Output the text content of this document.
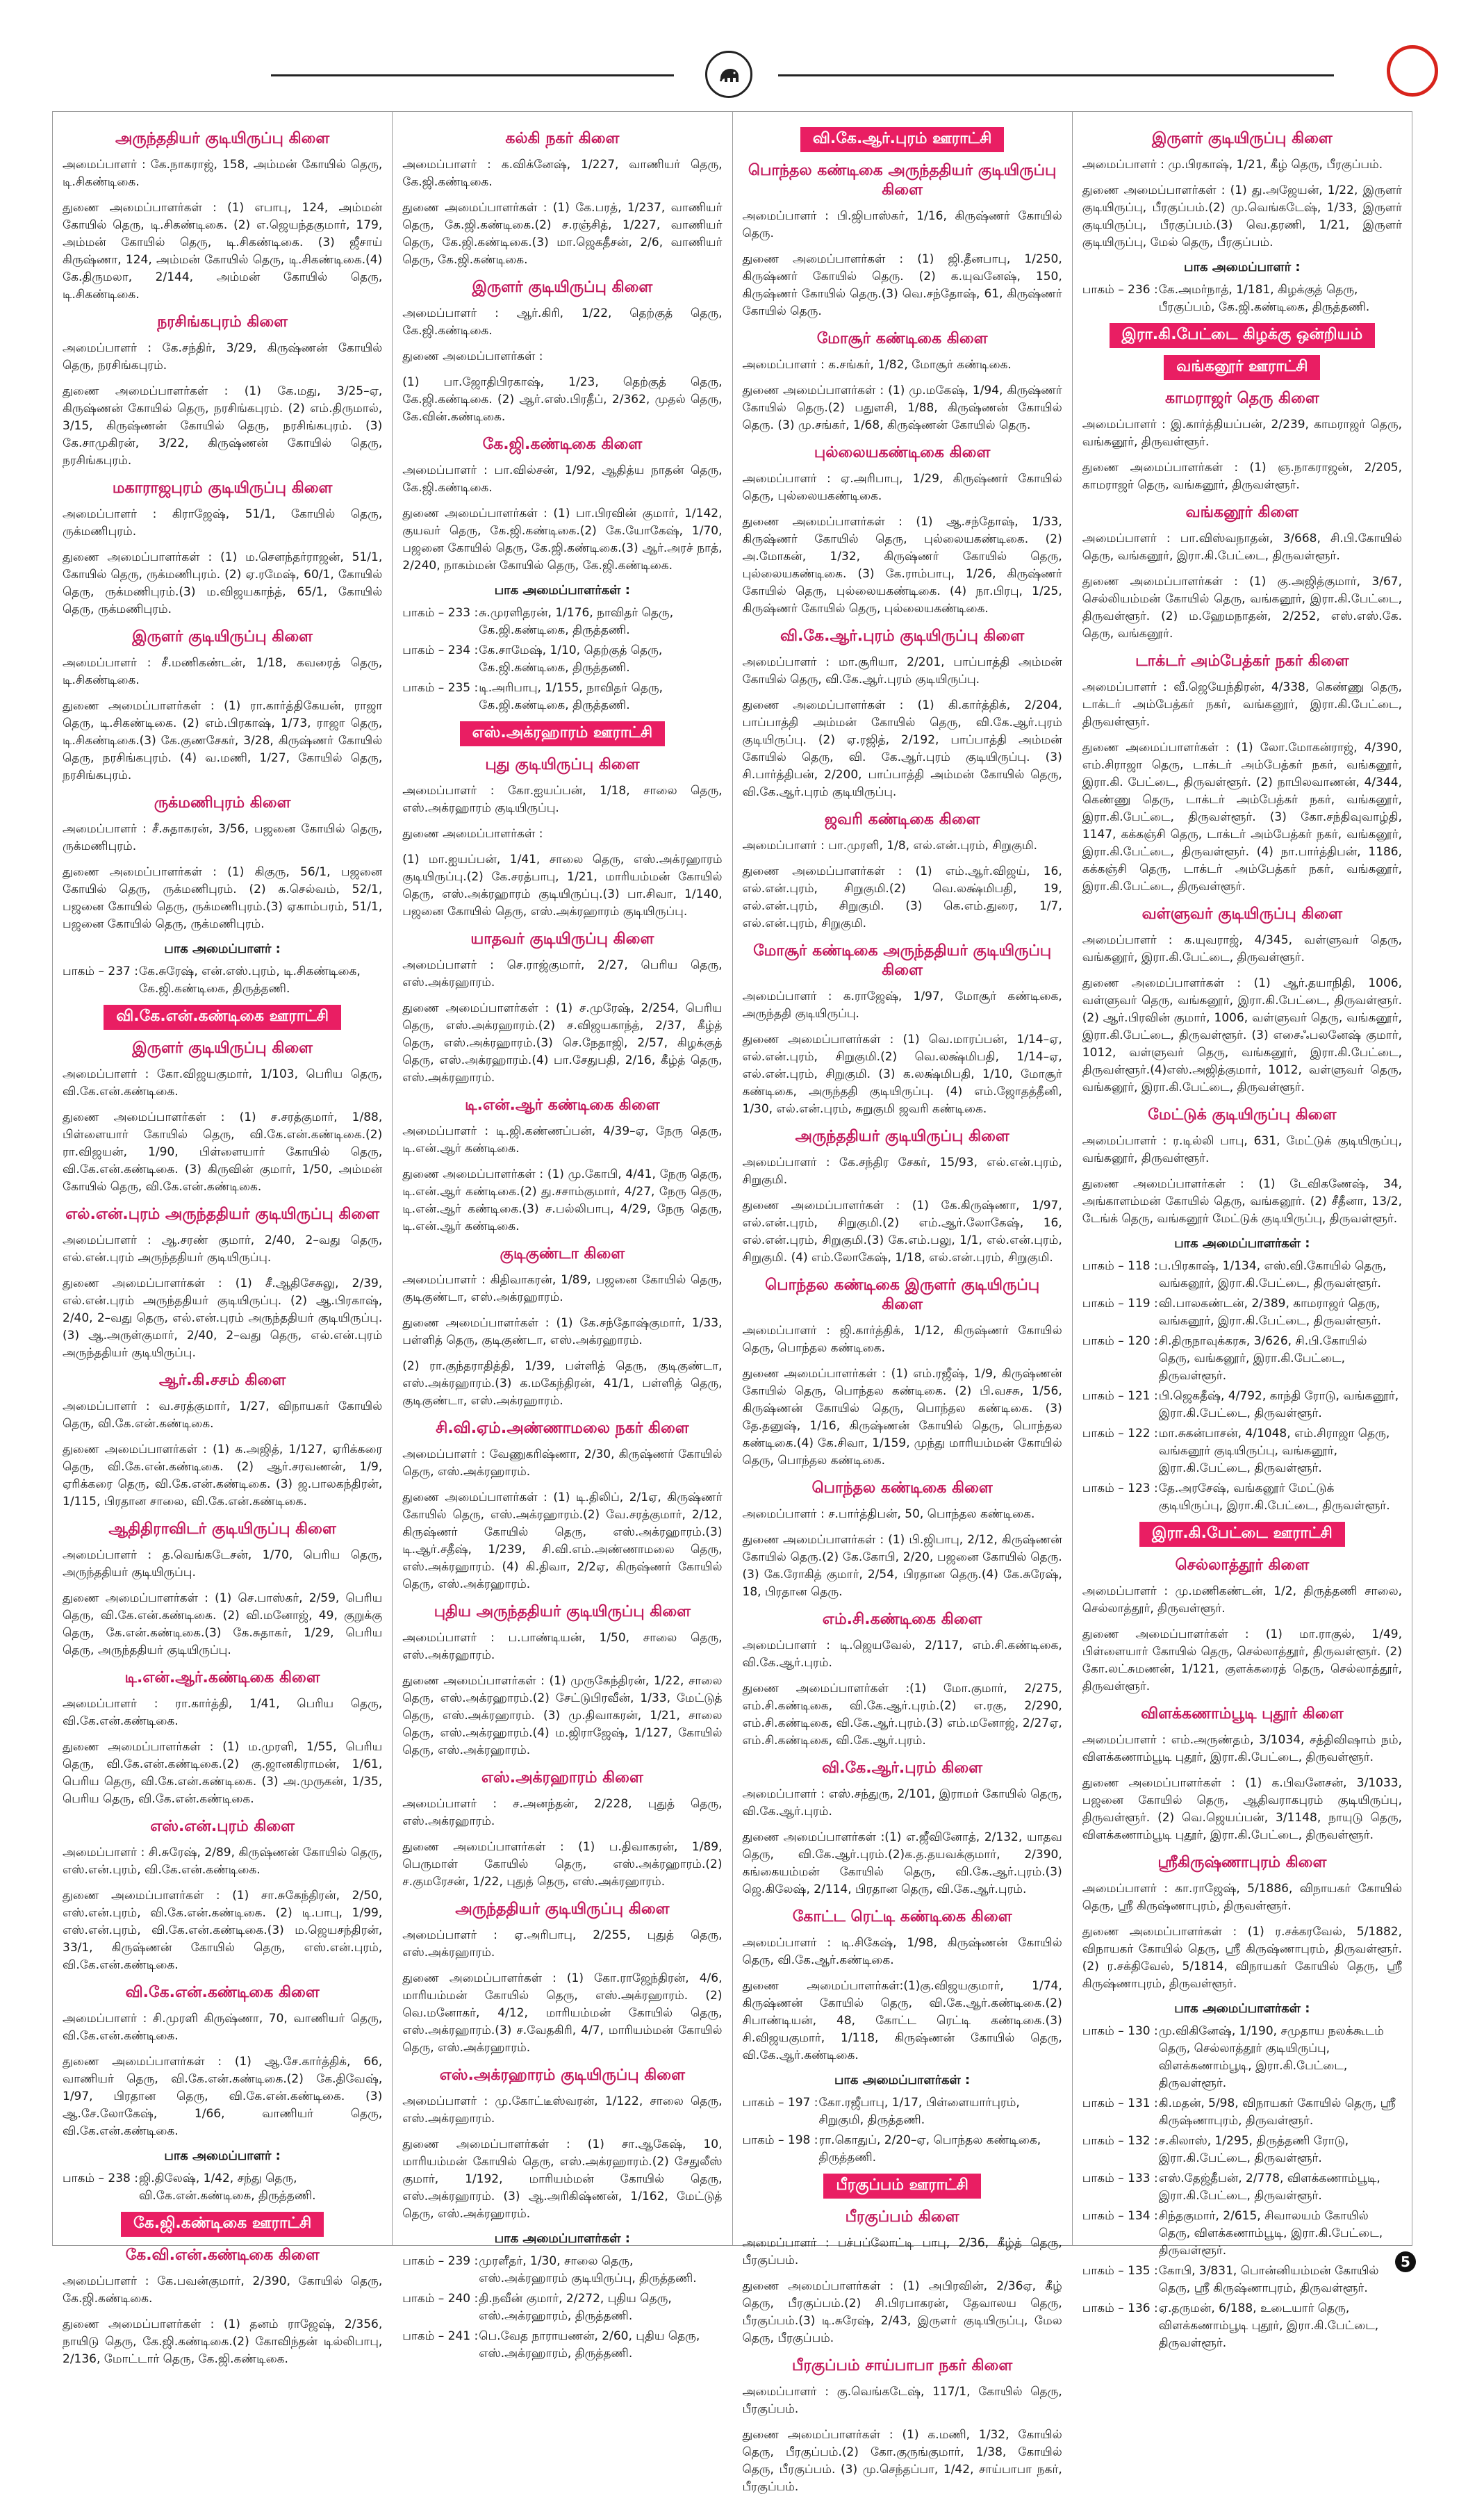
அருந்ததியர் குடியிருப்பு கிளை

அமைப்பாளர் : கே.நாகராஜ், 158, அம்மன் கோயில் தெரு, டி.சிகண்டிகை.

துணை அமைப்பாளர்கள் : (1) எபாபு, 124, அம்மன் கோயில் தெரு, டி.சிகண்டிகை. (2) எ.ஜெயந்தகுமார், 179, அம்மன் கோயில் தெரு, டி.சிகண்டிகை. (3) ஜீசாய் கிருஷ்ணா, 124, அம்மன் கோயில் தெரு, டி.சிகண்டிகை.(4) கே.திருமலா, 2/144, அம்மன் கோயில் தெரு, டி.சிகண்டிகை.

நரசிங்கபுரம் கிளை

அமைப்பாளர் : கே.சந்திர், 3/29, கிருஷ்ணன் கோயில் தெரு, நரசிங்கபுரம்.

துணை அமைப்பாளர்கள் : (1) கே.மது, 3/25–ஏ, கிருஷ்ணன் கோயில் தெரு, நரசிங்கபுரம். (2) எம்.திருமால், 3/15, கிருஷ்ணன் கோயில் தெரு, நரசிங்கபுரம். (3) கே.சாமுகிரன், 3/22, கிருஷ்ணன் கோயில் தெரு, நரசிங்கபுரம்.

மகாராஜபுரம் குடியிருப்பு கிளை

அமைப்பாளர் : கிராஜேஷ், 51/1, கோயில் தெரு, ருக்மணிபுரம்.

துணை அமைப்பாளர்கள் : (1) ம.செளந்தர்ராஜன், 51/1, கோயில் தெரு, ருக்மணிபுரம். (2) ஏ.ரமேஷ், 60/1, கோயில் தெரு, ருக்மணிபுரம்.(3) ம.விஜயகாந்த், 65/1, கோயில் தெரு, ருக்மணிபுரம்.

இருளர் குடியிருப்பு கிளை

அமைப்பாளர் : சீ.மணிகண்டன், 1/18, கவரைத் தெரு, டி.சிகண்டிகை.

துணை அமைப்பாளர்கள் : (1) ரா.கார்த்திகேயன், ராஜா தெரு, டி.சிகண்டிகை. (2) எம்.பிரகாஷ், 1/73, ராஜா தெரு, டி.சிகண்டிகை.(3) கே.குணசேகர், 3/28, கிருஷ்ணர் கோயில் தெரு, நரசிங்கபுரம். (4) வ.மணி, 1/27, கோயில் தெரு, நரசிங்கபுரம்.

ருக்மணிபுரம் கிளை

அமைப்பாளர் : சீ.சுதாகரன், 3/56, பஜனை கோயில் தெரு, ருக்மணிபுரம்.

துணை அமைப்பாளர்கள் : (1) கிகுரு, 56/1, பஜனை கோயில் தெரு, ருக்மணிபுரம். (2) க.செல்வம், 52/1, பஜனை கோயில் தெரு, ருக்மணிபுரம்.(3) ஏகாம்பரம், 51/1, பஜனை கோயில் தெரு, ருக்மணிபுரம்.

பாக அமைப்பாளர் :
பாகம் – 237 : கே.சுரேஷ், என்.எஸ்.புரம், டி.சிகண்டிகை, கே.ஜி.கண்டிகை, திருத்தணி.
வி.கே.என்.கண்டிகை ஊராட்சி
இருளர் குடியிருப்பு கிளை

அமைப்பாளர் : கோ.விஜயகுமார், 1/103, பெரிய தெரு, வி.கே.என்.கண்டிகை.

துணை அமைப்பாளர்கள் : (1) ச.சரத்குமார், 1/88, பிள்ளையார் கோயில் தெரு, வி.கே.என்.கண்டிகை.(2) ரா.விஜயன், 1/90, பிள்ளையார் கோயில் தெரு, வி.கே.என்.கண்டிகை. (3) கிருவின் குமார், 1/50, அம்மன் கோயில் தெரு, வி.கே.என்.கண்டிகை.

எல்.என்.புரம் அருந்ததியர் குடியிருப்பு கிளை

அமைப்பாளர் : ஆ.சரண் குமார், 2/40, 2–வது தெரு, எல்.என்.புரம் அருந்ததியர் குடியிருப்பு.

துணை அமைப்பாளர்கள் : (1) சீ.ஆதிசேசுலு, 2/39, எல்.என்.புரம் அருந்ததியர் குடியிருப்பு. (2) ஆ.பிரகாஷ், 2/40, 2–வது தெரு, எல்.என்.புரம் அருந்ததியர் குடியிருப்பு. (3) ஆ.அருள்குமார், 2/40, 2–வது தெரு, எல்.என்.புரம் அருந்ததியர் குடியிருப்பு.

ஆர்.கி.சசம் கிளை

அமைப்பாளர் : வ.சரத்குமார், 1/27, விநாயகர் கோயில் தெரு, வி.கே.என்.கண்டிகை.

துணை அமைப்பாளர்கள் : (1) க.அஜித், 1/127, ஏரிக்கரை தெரு, வி.கே.என்.கண்டிகை. (2) ஆர்.சரவணன், 1/9, ஏரிக்கரை தெரு, வி.கே.என்.கண்டிகை. (3) ஜ.பாலகந்திரன், 1/115, பிரதான சாலை, வி.கே.என்.கண்டிகை.

ஆதிதிராவிடர் குடியிருப்பு கிளை

அமைப்பாளர் : த.வெங்கடேசன், 1/70, பெரிய தெரு, அருந்ததியர் குடியிருப்பு.

துணை அமைப்பாளர்கள் : (1) செ.பாஸ்கர், 2/59, பெரிய தெரு, வி.கே.என்.கண்டிகை. (2) வி.மனோஜ், 49, குறுக்கு தெரு, கே.என்.கண்டிகை.(3) கே.சுதாகர், 1/29, பெரிய தெரு, அருந்ததியர் குடியிருப்பு.

டி.என்.ஆர்.கண்டிகை கிளை

அமைப்பாளர் : ரா.கார்த்தி, 1/41, பெரிய தெரு, வி.கே.என்.கண்டிகை.

துணை அமைப்பாளர்கள் : (1) ம.முரளி, 1/55, பெரிய தெரு, வி.கே.என்.கண்டிகை.(2) கு.ஜானகிராமன், 1/61, பெரிய தெரு, வி.கே.என்.கண்டிகை. (3) அ.முருகன், 1/35, பெரிய தெரு, வி.கே.என்.கண்டிகை.

எஸ்.என்.புரம் கிளை

அமைப்பாளர் : சி.சுரேஷ், 2/89, கிருஷ்ணன் கோயில் தெரு, எஸ்.என்.புரம், வி.கே.என்.கண்டிகை.

துணை அமைப்பாளர்கள் : (1) சா.சுகேந்திரன், 2/50, எஸ்.என்.புரம், வி.கே.என்.கண்டிகை. (2) டி.பாபு, 1/99, எஸ்.என்.புரம், வி.கே.என்.கண்டிகை.(3) ம.ஜெயசந்திரன், 33/1, கிருஷ்ணன் கோயில் தெரு, எஸ்.என்.புரம், வி.கே.என்.கண்டிகை.

வி.கே.என்.கண்டிகை கிளை

அமைப்பாளர் : சி.முரளி கிருஷ்ணா, 70, வாணியர் தெரு, வி.கே.என்.கண்டிகை.

துணை அமைப்பாளர்கள் : (1) ஆ.சே.கார்த்திக், 66, வாணியர் தெரு, வி.கே.என்.கண்டிகை.(2) கே.திவேஷ், 1/97, பிரதான தெரு, வி.கே.என்.கண்டிகை. (3) ஆ.சே.லோகேஷ், 1/66, வாணியர் தெரு, வி.கே.என்.கண்டிகை.

பாக அமைப்பாளர் :
பாகம் – 238 : ஜி.திலேஷ், 1/42, சந்து தெரு, வி.கே.என்.கண்டிகை, திருத்தணி.
கே.ஜி.கண்டிகை ஊராட்சி
கே.வி.என்.கண்டிகை கிளை

அமைப்பாளர் : கே.பவன்குமார், 2/390, கோயில் தெரு, கே.ஜி.கண்டிகை.

துணை அமைப்பாளர்கள் : (1) தனம் ராஜேஷ், 2/356, நாயிடு தெரு, கே.ஜி.கண்டிகை.(2) கோவிந்தன் டில்லிபாபு, 2/136, மோட்டார் தெரு, கே.ஜி.கண்டிகை.

கல்கி நகர் கிளை

அமைப்பாளர் : க.விக்னேஷ், 1/227, வாணியர் தெரு, கே.ஜி.கண்டிகை.

துணை அமைப்பாளர்கள் : (1) கே.பரத், 1/237, வாணியர் தெரு, கே.ஜி.கண்டிகை.(2) ச.ரஞ்சித், 1/227, வாணியர் தெரு, கே.ஜி.கண்டிகை.(3) மா.ஜெகதீசன், 2/6, வாணியர் தெரு, கே.ஜி.கண்டிகை.

இருளர் குடியிருப்பு கிளை

அமைப்பாளர் : ஆர்.கிரி, 1/22, தெற்குத் தெரு, கே.ஜி.கண்டிகை.

துணை அமைப்பாளர்கள் :

(1) பா.ஜோதிபிரகாஷ், 1/23, தெற்குத் தெரு, கே.ஜி.கண்டிகை. (2) ஆர்.எஸ்.பிரதீப், 2/362, முதல் தெரு, கே.வின்.கண்டிகை.

கே.ஜி.கண்டிகை கிளை

அமைப்பாளர் : பா.வில்சன், 1/92, ஆதித்ய நாதன் தெரு, கே.ஜி.கண்டிகை.

துணை அமைப்பாளர்கள் : (1) பா.பிரவின் குமார், 1/142, குயவர் தெரு, கே.ஜி.கண்டிகை.(2) கே.யோகேஷ், 1/70, பஜனை கோயில் தெரு, கே.ஜி.கண்டிகை.(3) ஆர்.அரச் நாத், 2/240, நாகம்மன் கோயில் தெரு, கே.ஜி.கண்டிகை.

பாக அமைப்பாளர்கள் :
பாகம் – 233 : சு.முரளிதரன், 1/176, நாவிதர் தெரு, கே.ஜி.கண்டிகை, திருத்தணி.
பாகம் – 234 : கே.சாமேஷ், 1/10, தெற்குத் தெரு, கே.ஜி.கண்டிகை, திருத்தணி.
பாகம் – 235 : டி.அரிபாபு, 1/155, நாவிதர் தெரு, கே.ஜி.கண்டிகை, திருத்தணி.
எஸ்.அக்ரஹாரம் ஊராட்சி
புது குடியிருப்பு கிளை

அமைப்பாளர் : கோ.ஐயப்பன், 1/18, சாலை தெரு, எஸ்.அக்ரஹாரம் குடியிருப்பு.

துணை அமைப்பாளர்கள் :

(1) மா.ஐயப்பன், 1/41, சாலை தெரு, எஸ்.அக்ரஹாரம் குடியிருப்பு.(2) கே.சரத்பாபு, 1/21, மாரியம்மன் கோயில் தெரு, எஸ்.அக்ரஹாரம் குடியிருப்பு.(3) பா.சிவா, 1/140, பஜனை கோயில் தெரு, எஸ்.அக்ரஹாரம் குடியிருப்பு.

யாதவர் குடியிருப்பு கிளை

அமைப்பாளர் : செ.ராஜ்குமார், 2/27, பெரிய தெரு, எஸ்.அக்ரஹாரம்.

துணை அமைப்பாளர்கள் : (1) ச.முரேஷ், 2/254, பெரிய தெரு, எஸ்.அக்ரஹாரம்.(2) ச.விஜயகாந்த், 2/37, கீழ்த் தெரு, எஸ்.அக்ரஹாரம்.(3) செ.நேதாஜி, 2/57, கிழக்குத் தெரு, எஸ்.அக்ரஹாரம்.(4) பா.சேதுபதி, 2/16, கீழ்த் தெரு, எஸ்.அக்ரஹாரம்.

டி.என்.ஆர் கண்டிகை கிளை

அமைப்பாளர் : டி.ஜி.கண்ணப்பன், 4/39–ஏ, நேரு தெரு, டி.என்.ஆர் கண்டிகை.

துணை அமைப்பாளர்கள் : (1) மு.கோபி, 4/41, நேரு தெரு, டி.என்.ஆர் கண்டிகை.(2) து.சசாம்குமார், 4/27, நேரு தெரு, டி.என்.ஆர் கண்டிகை.(3) ச.பல்லிபாபு, 4/29, நேரு தெரு, டி.என்.ஆர் கண்டிகை.

குடிகுண்டா கிளை

அமைப்பாளர் : கிதிவாகரன், 1/89, பஜனை கோயில் தெரு, குடிகுண்டா, எஸ்.அக்ரஹாரம்.

துணை அமைப்பாளர்கள் : (1) கே.சந்தோஷ்குமார், 1/33, பள்ளித் தெரு, குடிகுண்டா, எஸ்.அக்ரஹாரம்.

(2) ரா.குந்தராதித்தி, 1/39, பள்ளித் தெரு, குடிகுண்டா, எஸ்.அக்ரஹாரம்.(3) க.மகேந்திரன், 41/1, பள்ளித் தெரு, குடிகுண்டா, எஸ்.அக்ரஹாரம்.

சி.வி.ஏம்.அண்ணாமலை நகர் கிளை

அமைப்பாளர் : வேணுகரிஷ்ணா, 2/30, கிருஷ்ணர் கோயில் தெரு, எஸ்.அக்ரஹாரம்.

துணை அமைப்பாளர்கள் : (1) டி.திலிப், 2/1ஏ, கிருஷ்ணர் கோயில் தெரு, எஸ்.அக்ரஹாரம்.(2) வே.சரத்குமார், 2/12, கிருஷ்ணர் கோயில் தெரு, எஸ்.அக்ரஹாரம்.(3) டி.ஆர்.சதீஷ், 1/239, சி.வி.எம்.அண்ணாமலை தெரு, எஸ்.அக்ரஹாரம். (4) கி.திவா, 2/2ஏ, கிருஷ்ணர் கோயில் தெரு, எஸ்.அக்ரஹாரம்.

புதிய அருந்ததியர் குடியிருப்பு கிளை

அமைப்பாளர் : ப.பாண்டியன், 1/50, சாலை தெரு, எஸ்.அக்ரஹாரம்.

துணை அமைப்பாளர்கள் : (1) முருகேந்திரன், 1/22, சாலை தெரு, எஸ்.அக்ரஹாரம்.(2) சேட்டுபிரவீன், 1/33, மேட்டுத் தெரு, எஸ்.அக்ரஹாரம். (3) மு.திவாகரன், 1/21, சாலை தெரு, எஸ்.அக்ரஹாரம்.(4) ம.ஜிராஜேஷ், 1/127, கோயில் தெரு, எஸ்.அக்ரஹாரம்.

எஸ்.அக்ரஹாரம் கிளை

அமைப்பாளர் : ச.அனந்தன், 2/228, புதுத் தெரு, எஸ்.அக்ரஹாரம்.

துணை அமைப்பாளர்கள் : (1) ப.திவாகரன், 1/89, பெருமாள் கோயில் தெரு, எஸ்.அக்ரஹாரம்.(2) ச.குமரேசன், 1/22, புதுத் தெரு, எஸ்.அக்ரஹாரம்.

அருந்ததியர் குடியிருப்பு கிளை

அமைப்பாளர் : ஏ.அரிபாபு, 2/255, புதுத் தெரு, எஸ்.அக்ரஹாரம்.

துணை அமைப்பாளர்கள் : (1) கோ.ராஜேந்திரன், 4/6, மாரியம்மன் கோயில் தெரு, எஸ்.அக்ரஹாரம். (2) வெ.மனோகர், 4/12, மாரியம்மன் கோயில் தெரு, எஸ்.அக்ரஹாரம்.(3) ச.வேதகிரி, 4/7, மாரியம்மன் கோயில் தெரு, எஸ்.அக்ரஹாரம்.

எஸ்.அக்ரஹாரம் குடியிருப்பு கிளை

அமைப்பாளர் : மு.கோட்டீஸ்வரன், 1/122, சாலை தெரு, எஸ்.அக்ரஹாரம்.

துணை அமைப்பாளர்கள் : (1) சா.ஆகேஷ், 10, மாரியம்மன் கோயில் தெரு, எஸ்.அக்ரஹாரம்.(2) சேதுலீஸ் குமார், 1/192, மாரியம்மன் கோயில் தெரு, எஸ்.அக்ரஹாரம். (3) ஆ.அரிகிஷ்ணன், 1/162, மேட்டுத் தெரு, எஸ்.அக்ரஹாரம்.

பாக அமைப்பாளர்கள் :
பாகம் – 239 : முரளீதர், 1/30, சாலை தெரு, எஸ்.அக்ரஹாரம் குடியிருப்பு, திருத்தணி.
பாகம் – 240 : தி.நவீன் குமார், 2/272, புதிய தெரு, எஸ்.அக்ரஹாரம், திருத்தணி.
பாகம் – 241 : பெ.வேத நாராயணன், 2/60, புதிய தெரு, எஸ்.அக்ரஹாரம், திருத்தணி.
வி.கே.ஆர்.புரம் ஊராட்சி
பொந்தல கண்டிகை அருந்ததியர் குடியிருப்பு கிளை

அமைப்பாளர் : பி.ஜிபாஸ்கர், 1/16, கிருஷ்ணர் கோயில் தெரு.

துணை அமைப்பாளர்கள் : (1) ஜி.தீனபாபு, 1/250, கிருஷ்ணர் கோயில் தெரு. (2) க.யுவனேஷ், 150, கிருஷ்ணர் கோயில் தெரு.(3) வெ.சந்தோஷ், 61, கிருஷ்ணர் கோயில் தெரு.

மோசூர் கண்டிகை கிளை

அமைப்பாளர் : க.சங்கர், 1/82, மோசூர் கண்டிகை.

துணை அமைப்பாளர்கள் : (1) மு.மகேஷ், 1/94, கிருஷ்ணர் கோயில் தெரு.(2) பதுளசி, 1/88, கிருஷ்ணன் கோயில் தெரு. (3) மு.சங்கர், 1/68, கிருஷ்ணன் கோயில் தெரு.

புல்லையகண்டிகை கிளை

அமைப்பாளர் : ஏ.அரிபாபு, 1/29, கிருஷ்ணர் கோயில் தெரு, புல்லையகண்டிகை.

துணை அமைப்பாளர்கள் : (1) ஆ.சந்தோஷ், 1/33, கிருஷ்ணர் கோயில் தெரு, புல்லையகண்டிகை. (2) அ.மோகன், 1/32, கிருஷ்ணர் கோயில் தெரு, புல்லையகண்டிகை. (3) கே.ராம்பாபு, 1/26, கிருஷ்ணர் கோயில் தெரு, புல்லையகண்டிகை. (4) நா.பிரபு, 1/25, கிருஷ்ணர் கோயில் தெரு, புல்லையகண்டிகை.

வி.கே.ஆர்.புரம் குடியிருப்பு கிளை

அமைப்பாளர் : மா.சூரியா, 2/201, பாப்பாத்தி அம்மன் கோயில் தெரு, வி.கே.ஆர்.புரம் குடியிருப்பு.

துணை அமைப்பாளர்கள் : (1) கி.கார்த்திக், 2/204, பாப்பாத்தி அம்மன் கோயில் தெரு, வி.கே.ஆர்.புரம் குடியிருப்பு. (2) ஏ.ரஜித், 2/192, பாப்பாத்தி அம்மன் கோயில் தெரு, வி. கே.ஆர்.புரம் குடியிருப்பு. (3) சி.பார்த்திபன், 2/200, பாப்பாத்தி அம்மன் கோயில் தெரு, வி.கே.ஆர்.புரம் குடியிருப்பு.

ஜவரி கண்டிகை கிளை

அமைப்பாளர் : பா.முரளி, 1/8, எல்.என்.புரம், சிறுகுமி.

துணை அமைப்பாளர்கள் : (1) எம்.ஆர்.விஜய், 16, எல்.என்.புரம், சிறுகுமி.(2) வெ.லக்ஷ்மிபதி, 19, எல்.என்.புரம், சிறுகுமி. (3) கெ.எம்.துரை, 1/7, எல்.என்.புரம், சிறுகுமி.

மோசூர் கண்டிகை அருந்ததியர் குடியிருப்பு கிளை

அமைப்பாளர் : க.ராஜேஷ், 1/97, மோசூர் கண்டிகை, அருந்ததி குடியிருப்பு.

துணை அமைப்பாளர்கள் : (1) வெ.மாரப்பன், 1/14–ஏ, எல்.என்.புரம், சிறுகுமி.(2) வெ.லக்ஷ்மிபதி, 1/14–ஏ, எல்.என்.புரம், சிறுகுமி. (3) க.லக்ஷ்மிபதி, 1/10, மோசூர் கண்டிகை, அருந்ததி குடியிருப்பு. (4) எம்.ஜோதத்தீனி, 1/30, எல்.என்.புரம், சுறுகுமி ஜவரி கண்டிகை.

அருந்ததியர் குடியிருப்பு கிளை

அமைப்பாளர் : கே.சந்திர சேகர், 15/93, எல்.என்.புரம், சிறுகுமி.

துணை அமைப்பாளர்கள் : (1) கே.கிருஷ்ணா, 1/97, எல்.என்.புரம், சிறுகுமி.(2) எம்.ஆர்.லோகேஷ், 16, எல்.என்.புரம், சிறுகுமி.(3) கே.எம்.பலு, 1/1, எல்.என்.புரம், சிறுகுமி. (4) எம்.லோகேஷ், 1/18, எல்.என்.புரம், சிறுகுமி.

பொந்தல கண்டிகை இருளர் குடியிருப்பு கிளை

அமைப்பாளர் : ஜி.கார்த்திக், 1/12, கிருஷ்ணர் கோயில் தெரு, பொந்தல கண்டிகை.

துணை அமைப்பாளர்கள் : (1) எம்.ரஜீஷ், 1/9, கிருஷ்ணன் கோயில் தெரு, பொந்தல கண்டிகை. (2) பி.வசசு, 1/56, கிருஷ்ணன் கோயில் தெரு, பொந்தல கண்டிகை. (3) தே.தனுஷ், 1/16, கிருஷ்ணன் கோயில் தெரு, பொந்தல கண்டிகை.(4) கே.சிவா, 1/159, முந்து மாரியம்மன் கோயில் தெரு, பொந்தல கண்டிகை.

பொந்தல கண்டிகை கிளை

அமைப்பாளர் : ச.பார்த்திபன், 50, பொந்தல கண்டிகை.

துணை அமைப்பாளர்கள் : (1) பி.ஜிபாபு, 2/12, கிருஷ்ணன் கோயில் தெரு.(2) கே.கோபி, 2/20, பஜனை கோயில் தெரு. (3) கே.ரோகித் குமார், 2/54, பிரதான தெரு.(4) கே.சுரேஷ், 18, பிரதான தெரு.

எம்.சி.கண்டிகை கிளை

அமைப்பாளர் : டி.ஜெயவேல், 2/117, எம்.சி.கண்டிகை, வி.கே.ஆர்.புரம்.

துணை அமைப்பாளர்கள் :(1) மோ.குமார், 2/275, எம்.சி.கண்டிகை, வி.கே.ஆர்.புரம்.(2) எ.ரகு, 2/290, எம்.சி.கண்டிகை, வி.கே.ஆர்.புரம்.(3) எம்.மனோஜ், 2/27ஏ, எம்.சி.கண்டிகை, வி.கே.ஆர்.புரம்.

வி.கே.ஆர்.புரம் கிளை

அமைப்பாளர் : எஸ்.சந்துரு, 2/101, இராமர் கோயில் தெரு, வி.கே.ஆர்.புரம்.

துணை அமைப்பாளர்கள் :(1) எ.ஜீவினோத், 2/132, யாதவ தெரு, வி.கே.ஆர்.புரம்.(2)க.த.தயவக்குமார், 2/390, கங்கையம்மன் கோயில் தெரு, வி.கே.ஆர்.புரம்.(3) ஜெ.கிலேஷ், 2/114, பிரதான தெரு, வி.கே.ஆர்.புரம்.

கோட்ட ரெட்டி கண்டிகை கிளை

அமைப்பாளர் : டி.சிகேஷ், 1/98, கிருஷ்ணன் கோயில் தெரு, வி.கே.ஆர்.கண்டிகை.

துணை அமைப்பாளர்கள்:(1)கு.விஜயகுமார், 1/74, கிருஷ்ணன் கோயில் தெரு, வி.கே.ஆர்.கண்டிகை.(2) சிபாண்டியன், 48, கோட்ட ரெட்டி கண்டிகை.(3) சி.விஜயகுமார், 1/118, கிருஷ்ணன் கோயில் தெரு, வி.கே.ஆர்.கண்டிகை.

பாக அமைப்பாளர்கள் :
பாகம் – 197 : கோ.ரஜீபாபு, 1/17, பிள்ளையார்புரம், சிறுகுமி, திருத்தணி.
பாகம் – 198 : ரா.கொதுப், 2/20–ஏ, பொந்தல கண்டிகை, திருத்தணி.
பீரகுப்பம் ஊராட்சி
பீரகுப்பம் கிளை

அமைப்பாளர் : பச்பப்லோட்டி பாபு, 2/36, கீழ்த் தெரு, பீரகுப்பம்.

துணை அமைப்பாளர்கள் : (1) அபிரவின், 2/36ஏ, கீழ் தெரு, பீரகுப்பம்.(2) சி.பிரபாகரன், தேவாலய தெரு, பீரகுப்பம்.(3) டி.சுரேஷ், 2/43, இருளர் குடியிருப்பு, மேல தெரு, பீரகுப்பம்.

பீரகுப்பம் சாய்பாபா நகர் கிளை

அமைப்பாளர் : கு.வெங்கடேஷ், 117/1, கோயில் தெரு, பீரகுப்பம்.

துணை அமைப்பாளர்கள் : (1) க.மணி, 1/32, கோயில் தெரு, பீரகுப்பம்.(2) கோ.குருங்குமார், 1/38, கோயில் தெரு, பீரகுப்பம். (3) மு.செந்தப்பா, 1/42, சாய்பாபா நகர், பீரகுப்பம்.

இருளர் குடியிருப்பு கிளை

அமைப்பாளர் : மு.பிரகாஷ், 1/21, கீழ் தெரு, பீரகுப்பம்.

துணை அமைப்பாளர்கள் : (1) து.அஜேயன், 1/22, இருளர் குடியிருப்பு, பீரகுப்பம்.(2) மு.வெங்கடேஷ், 1/33, இருளர் குடியிருப்பு, பீரகுப்பம்.(3) வெ.தரணி, 1/21, இருளர் குடியிருப்பு, மேல் தெரு, பீரகுப்பம்.

பாக அமைப்பாளர் :
பாகம் – 236 : கே.அமர்நாத், 1/181, கிழக்குத் தெரு, பீரகுப்பம், கே.ஜி.கண்டிகை, திருத்தணி.
இரா.கி.பேட்டை கிழக்கு ஒன்றியம்
வங்கனூர் ஊராட்சி
காமராஜர் தெரு கிளை

அமைப்பாளர் : இ.கார்த்தியப்பன், 2/239, காமராஜர் தெரு, வங்கனூர், திருவள்ளூர்.

துணை அமைப்பாளர்கள் : (1) ஞ.நாகராஜன், 2/205, காமராஜர் தெரு, வங்கனூர், திருவள்ளூர்.

வங்கனூர் கிளை

அமைப்பாளர் : பா.விஸ்வநாதன், 3/668, சி.பி.கோயில் தெரு, வங்கனூர், இரா.கி.பேட்டை, திருவள்ளூர்.

துணை அமைப்பாளர்கள் : (1) கு.அஜித்குமார், 3/67, செல்லியம்மன் கோயில் தெரு, வங்கனூர், இரா.கி.பேட்டை, திருவள்ளூர். (2) ம.ஹேமநாதன், 2/252, எஸ்.எஸ்.கே. தெரு, வங்கனூர்.

டாக்டர் அம்பேத்கர் நகர் கிளை

அமைப்பாளர் : வீ.ஜெயேந்திரன், 4/338, கெண்ணு தெரு, டாக்டர் அம்பேத்கர் நகர், வங்கனூர், இரா.கி.பேட்டை, திருவள்ளூர்.

துணை அமைப்பாளர்கள் : (1) லோ.மோகன்ராஜ், 4/390, எம்.சிராஜா தெரு, டாக்டர் அம்பேத்கர் நகர், வங்கனூர், இரா.கி. பேட்டை, திருவள்ளூர். (2) நாபிலவாணன், 4/344, கெண்ணு தெரு, டாக்டர் அம்பேத்கர் நகர், வங்கனூர், இரா.கி.பேட்டை, திருவள்ளூர். (3) கோ.சந்திவுவாழ்தி, 1147, கக்கஞ்சி தெரு, டாக்டர் அம்பேத்கர் நகர், வங்கனூர், இரா.கி.பேட்டை, திருவள்ளூர். (4) நா.பார்த்திபன், 1186, கக்கஞ்சி தெரு, டாக்டர் அம்பேத்கர் நகர், வங்கனூர், இரா.கி.பேட்டை, திருவள்ளூர்.

வள்ளுவர் குடியிருப்பு கிளை

அமைப்பாளர் : க.யுவராஜ், 4/345, வள்ளுவர் தெரு, வங்கனூர், இரா.கி.பேட்டை, திருவள்ளூர்.

துணை அமைப்பாளர்கள் : (1) ஆர்.தயாநிதி, 1006, வள்ளுவர் தெரு, வங்கனூர், இரா.கி.பேட்டை, திருவள்ளூர். (2) ஆர்.பிரவின் குமார், 1006, வள்ளுவர் தெரு, வங்கனூர், இரா.கி.பேட்டை, திருவள்ளூர். (3) எசைஃபலனேஷ் குமார், 1012, வள்ளுவர் தெரு, வங்கனூர், இரா.கி.பேட்டை, திருவள்ளூர்.(4)எஸ்.அஜித்குமார், 1012, வள்ளுவர் தெரு, வங்கனூர், இரா.கி.பேட்டை, திருவள்ளூர்.

மேட்டுக் குடியிருப்பு கிளை

அமைப்பாளர் : ர.டில்லி பாபு, 631, மேட்டுக் குடியிருப்பு, வங்கனூர், திருவள்ளூர்.

துணை அமைப்பாளர்கள் : (1) டேவிகணேஷ், 34, அங்காளம்மன் கோயில் தெரு, வங்கனூர். (2) சீதீனா, 13/2, டேங்க் தெரு, வங்கனூர் மேட்டுக் குடியிருப்பு, திருவள்ளூர்.

பாக அமைப்பாளர்கள் :
பாகம் – 118 : ப.பிரகாஷ், 1/134, எஸ்.வி.கோயில் தெரு, வங்கனூர், இரா.கி.பேட்டை, திருவள்ளூர்.
பாகம் – 119 : வி.பாலகண்டன், 2/389, காமராஜர் தெரு, வங்கனூர், இரா.கி.பேட்டை, திருவள்ளூர்.
பாகம் – 120 : சி.திருநாவுக்கரசு, 3/626, சி.பி.கோயில் தெரு, வங்கனூர், இரா.கி.பேட்டை, திருவள்ளூர்.
பாகம் – 121 : பி.ஜெகதீஷ், 4/792, காந்தி ரோடு, வங்கனூர், இரா.கி.பேட்டை, திருவள்ளூர்.
பாகம் – 122 : மா.சுகன்பாசன், 4/1048, எம்.சிராஜா தெரு, வங்கனூர் குடியிருப்பு, வங்கனூர், இரா.கி.பேட்டை, திருவள்ளூர்.
பாகம் – 123 : தே.அரசேஷ், வங்கனூர் மேட்டுக் குடியிருப்பு, இரா.கி.பேட்டை, திருவள்ளூர்.
இரா.கி.பேட்டை ஊராட்சி
செல்லாத்தூர் கிளை

அமைப்பாளர் : மு.மணிகண்டன், 1/2, திருத்தணி சாலை, செல்லாத்தூர், திருவள்ளூர்.

துணை அமைப்பாளர்கள் : (1) மா.ராகுல், 1/49, பிள்ளையார் கோயில் தெரு, செல்லாத்தூர், திருவள்ளூர். (2) கோ.லட்சுமணன், 1/121, குளக்கரைத் தெரு, செல்லாத்தூர், திருவள்ளூர்.

விளக்கணாம்பூடி புதூர் கிளை

அமைப்பாளர் : எம்.அருண்தம், 3/1034, சத்திவிஷாம் நம், விளக்கணாம்பூடி புதூர், இரா.கி.பேட்டை, திருவள்ளூர்.

துணை அமைப்பாளர்கள் : (1) க.பிவனேசன், 3/1033, பஜனை கோயில் தெரு, ஆதிவராகபுரம் குடியிருப்பு, திருவள்ளூர். (2) வெ.ஜெயப்பன், 3/1148, நாயுடு தெரு, விளக்கணாம்பூடி புதூர், இரா.கி.பேட்டை, திருவள்ளூர்.

ஸ்ரீகிருஷ்ணாபுரம் கிளை

அமைப்பாளர் : கா.ராஜேஷ், 5/1886, விநாயகர் கோயில் தெரு, ஸ்ரீ கிருஷ்ணாபுரம், திருவள்ளூர்.

துணை அமைப்பாளர்கள் : (1) ர.சக்கரவேல், 5/1882, விநாயகர் கோயில் தெரு, ஸ்ரீ கிருஷ்ணாபுரம், திருவள்ளூர். (2) ர.சக்திவேல், 5/1814, விநாயகர் கோயில் தெரு, ஸ்ரீ கிருஷ்ணாபுரம், திருவள்ளூர்.

பாக அமைப்பாளர்கள் :
பாகம் – 130 : மு.விகினேஷ், 1/190, சமுதாய நலக்கூடம் தெரு, செல்லாத்தூர் குடியிருப்பு, விளக்கணாம்பூடி, இரா.கி.பேட்டை, திருவள்ளூர்.
பாகம் – 131 : கி.மதன், 5/98, விநாயகர் கோயில் தெரு, ஸ்ரீ கிருஷ்ணாபுரம், திருவள்ளூர்.
பாகம் – 132 : ச.கிலாஸ், 1/295, திருத்தணி ரோடு, இரா.கி.பேட்டை, திருவள்ளூர்.
பாகம் – 133 : எஸ்.தேஜ்தீபன், 2/778, விளக்கணாம்பூடி, இரா.கி.பேட்டை, திருவள்ளூர்.
பாகம் – 134 : சிந்தகுமார், 2/615, சிவாலயம் கோயில் தெரு, விளக்கணாம்பூடி, இரா.கி.பேட்டை, திருவள்ளூர்.
பாகம் – 135 : கோபி, 3/831, பொன்னியம்மன் கோயில் தெரு, ஸ்ரீ கிருஷ்ணாபுரம், திருவள்ளூர்.
பாகம் – 136 : ஏ.தருமன், 6/188, உடையார் தெரு, விளக்கணாம்பூடி புதூர், இரா.கி.பேட்டை, திருவள்ளூர்.
5
